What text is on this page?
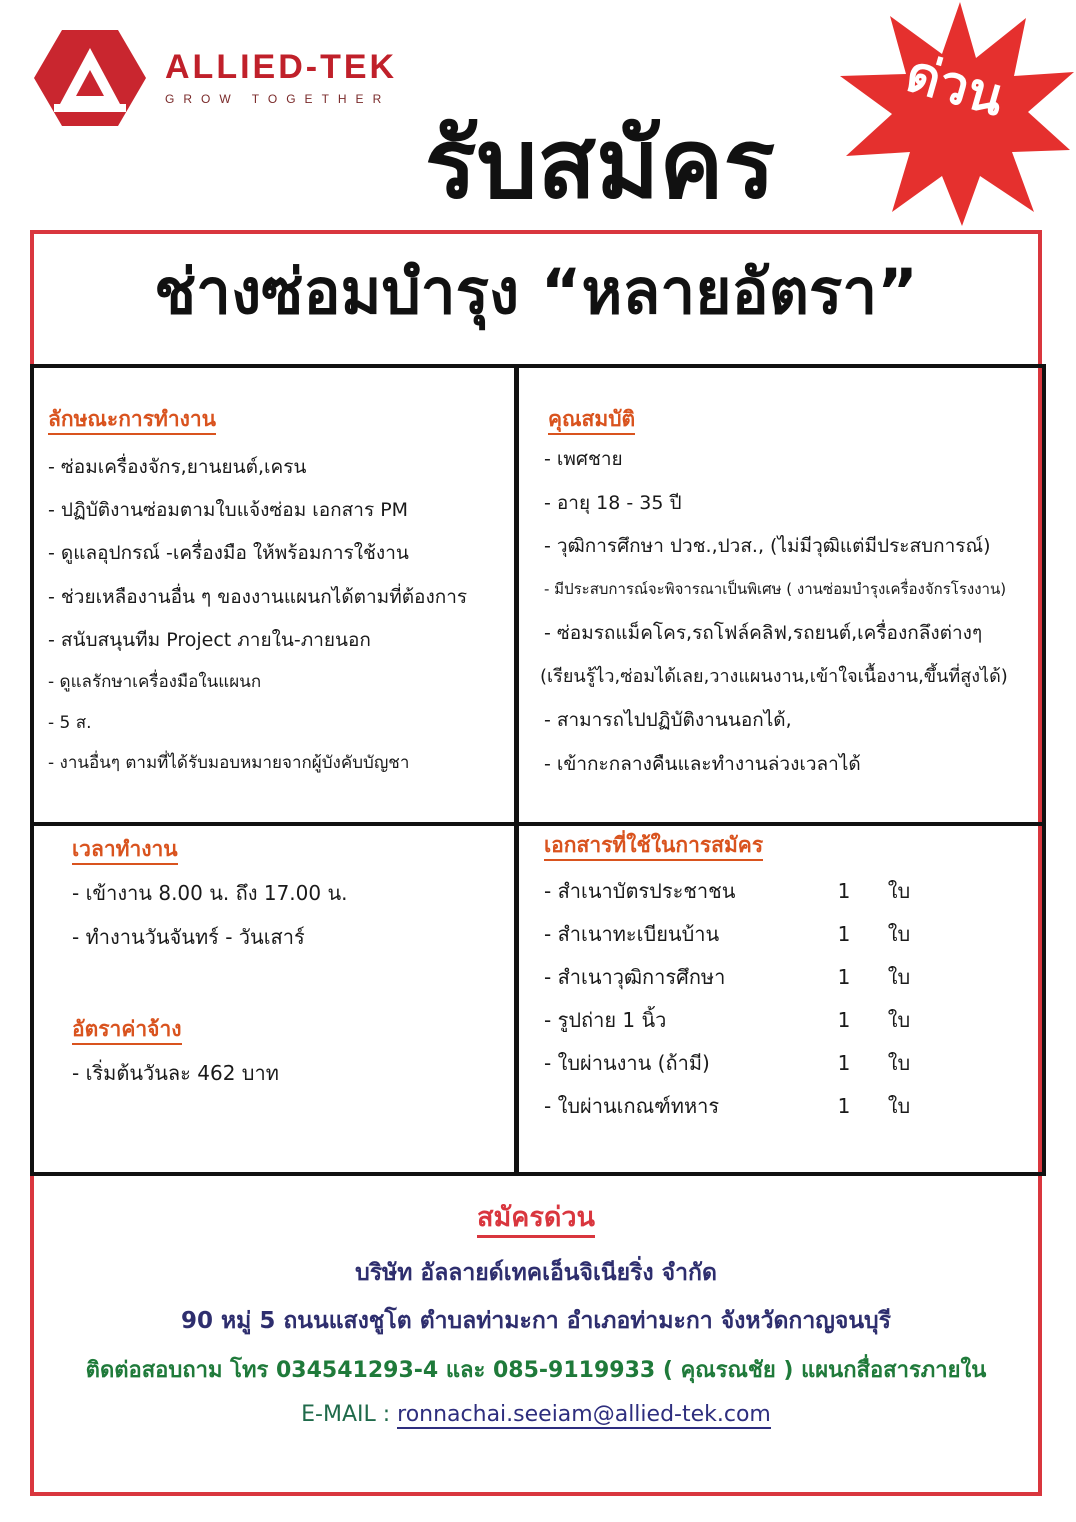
ALLIED-TEK
GROW TOGETHER
รับสมัคร
ด่วน
ช่างซ่อมบำรุง “หลายอัตรา”
ลักษณะการทำงาน
- ซ่อมเครื่องจักร,ยานยนต์,เครน
- ปฏิบัติงานซ่อมตามใบแจ้งซ่อม เอกสาร PM
- ดูแลอุปกรณ์ -เครื่องมือ ให้พร้อมการใช้งาน
- ช่วยเหลืองานอื่น ๆ ของงานแผนกได้ตามที่ต้องการ
- สนับสนุนทีม Project ภายใน-ภายนอก
- ดูแลรักษาเครื่องมือในแผนก
- 5 ส.
- งานอื่นๆ ตามที่ได้รับมอบหมายจากผู้บังคับบัญชา
คุณสมบัติ
- เพศชาย
- อายุ 18 - 35 ปี
- วุฒิการศึกษา ปวช.,ปวส., (ไม่มีวุฒิแต่มีประสบการณ์)
- มีประสบการณ์จะพิจารณาเป็นพิเศษ ( งานซ่อมบำรุงเครื่องจักรโรงงาน)
- ซ่อมรถแม็คโคร,รถโฟล์คลิฟ,รถยนต์,เครื่องกลึงต่างๆ
(เรียนรู้ไว,ซ่อมได้เลย,วางแผนงาน,เข้าใจเนื้องาน,ขึ้นที่สูงได้)
- สามารถไปปฏิบัติงานนอกได้,
- เข้ากะกลางคืนและทำงานล่วงเวลาได้
เวลาทำงาน
- เข้างาน 8.00 น. ถึง 17.00 น.
- ทำงานวันจันทร์ - วันเสาร์
อัตราค่าจ้าง
- เริ่มต้นวันละ 462 บาท
เอกสารที่ใช้ในการสมัคร
- สำเนาบัตรประชาชน	1	ใบ
- สำเนาทะเบียนบ้าน	1	ใบ
- สำเนาวุฒิการศึกษา	1	ใบ
- รูปถ่าย 1 นิ้ว	1	ใบ
- ใบผ่านงาน (ถ้ามี)	1	ใบ
- ใบผ่านเกณฑ์ทหาร	1	ใบ
สมัครด่วน
บริษัท อัลลายด์เทคเอ็นจิเนียริ่ง จำกัด
90 หมู่ 5 ถนนแสงชูโต ตำบลท่ามะกา อำเภอท่ามะกา จังหวัดกาญจนบุรี
ติดต่อสอบถาม โทร 034541293-4 และ 085-9119933 ( คุณรณชัย ) แผนกสื่อสารภายใน
E-MAIL : ronnachai.seeiam@allied-tek.com
